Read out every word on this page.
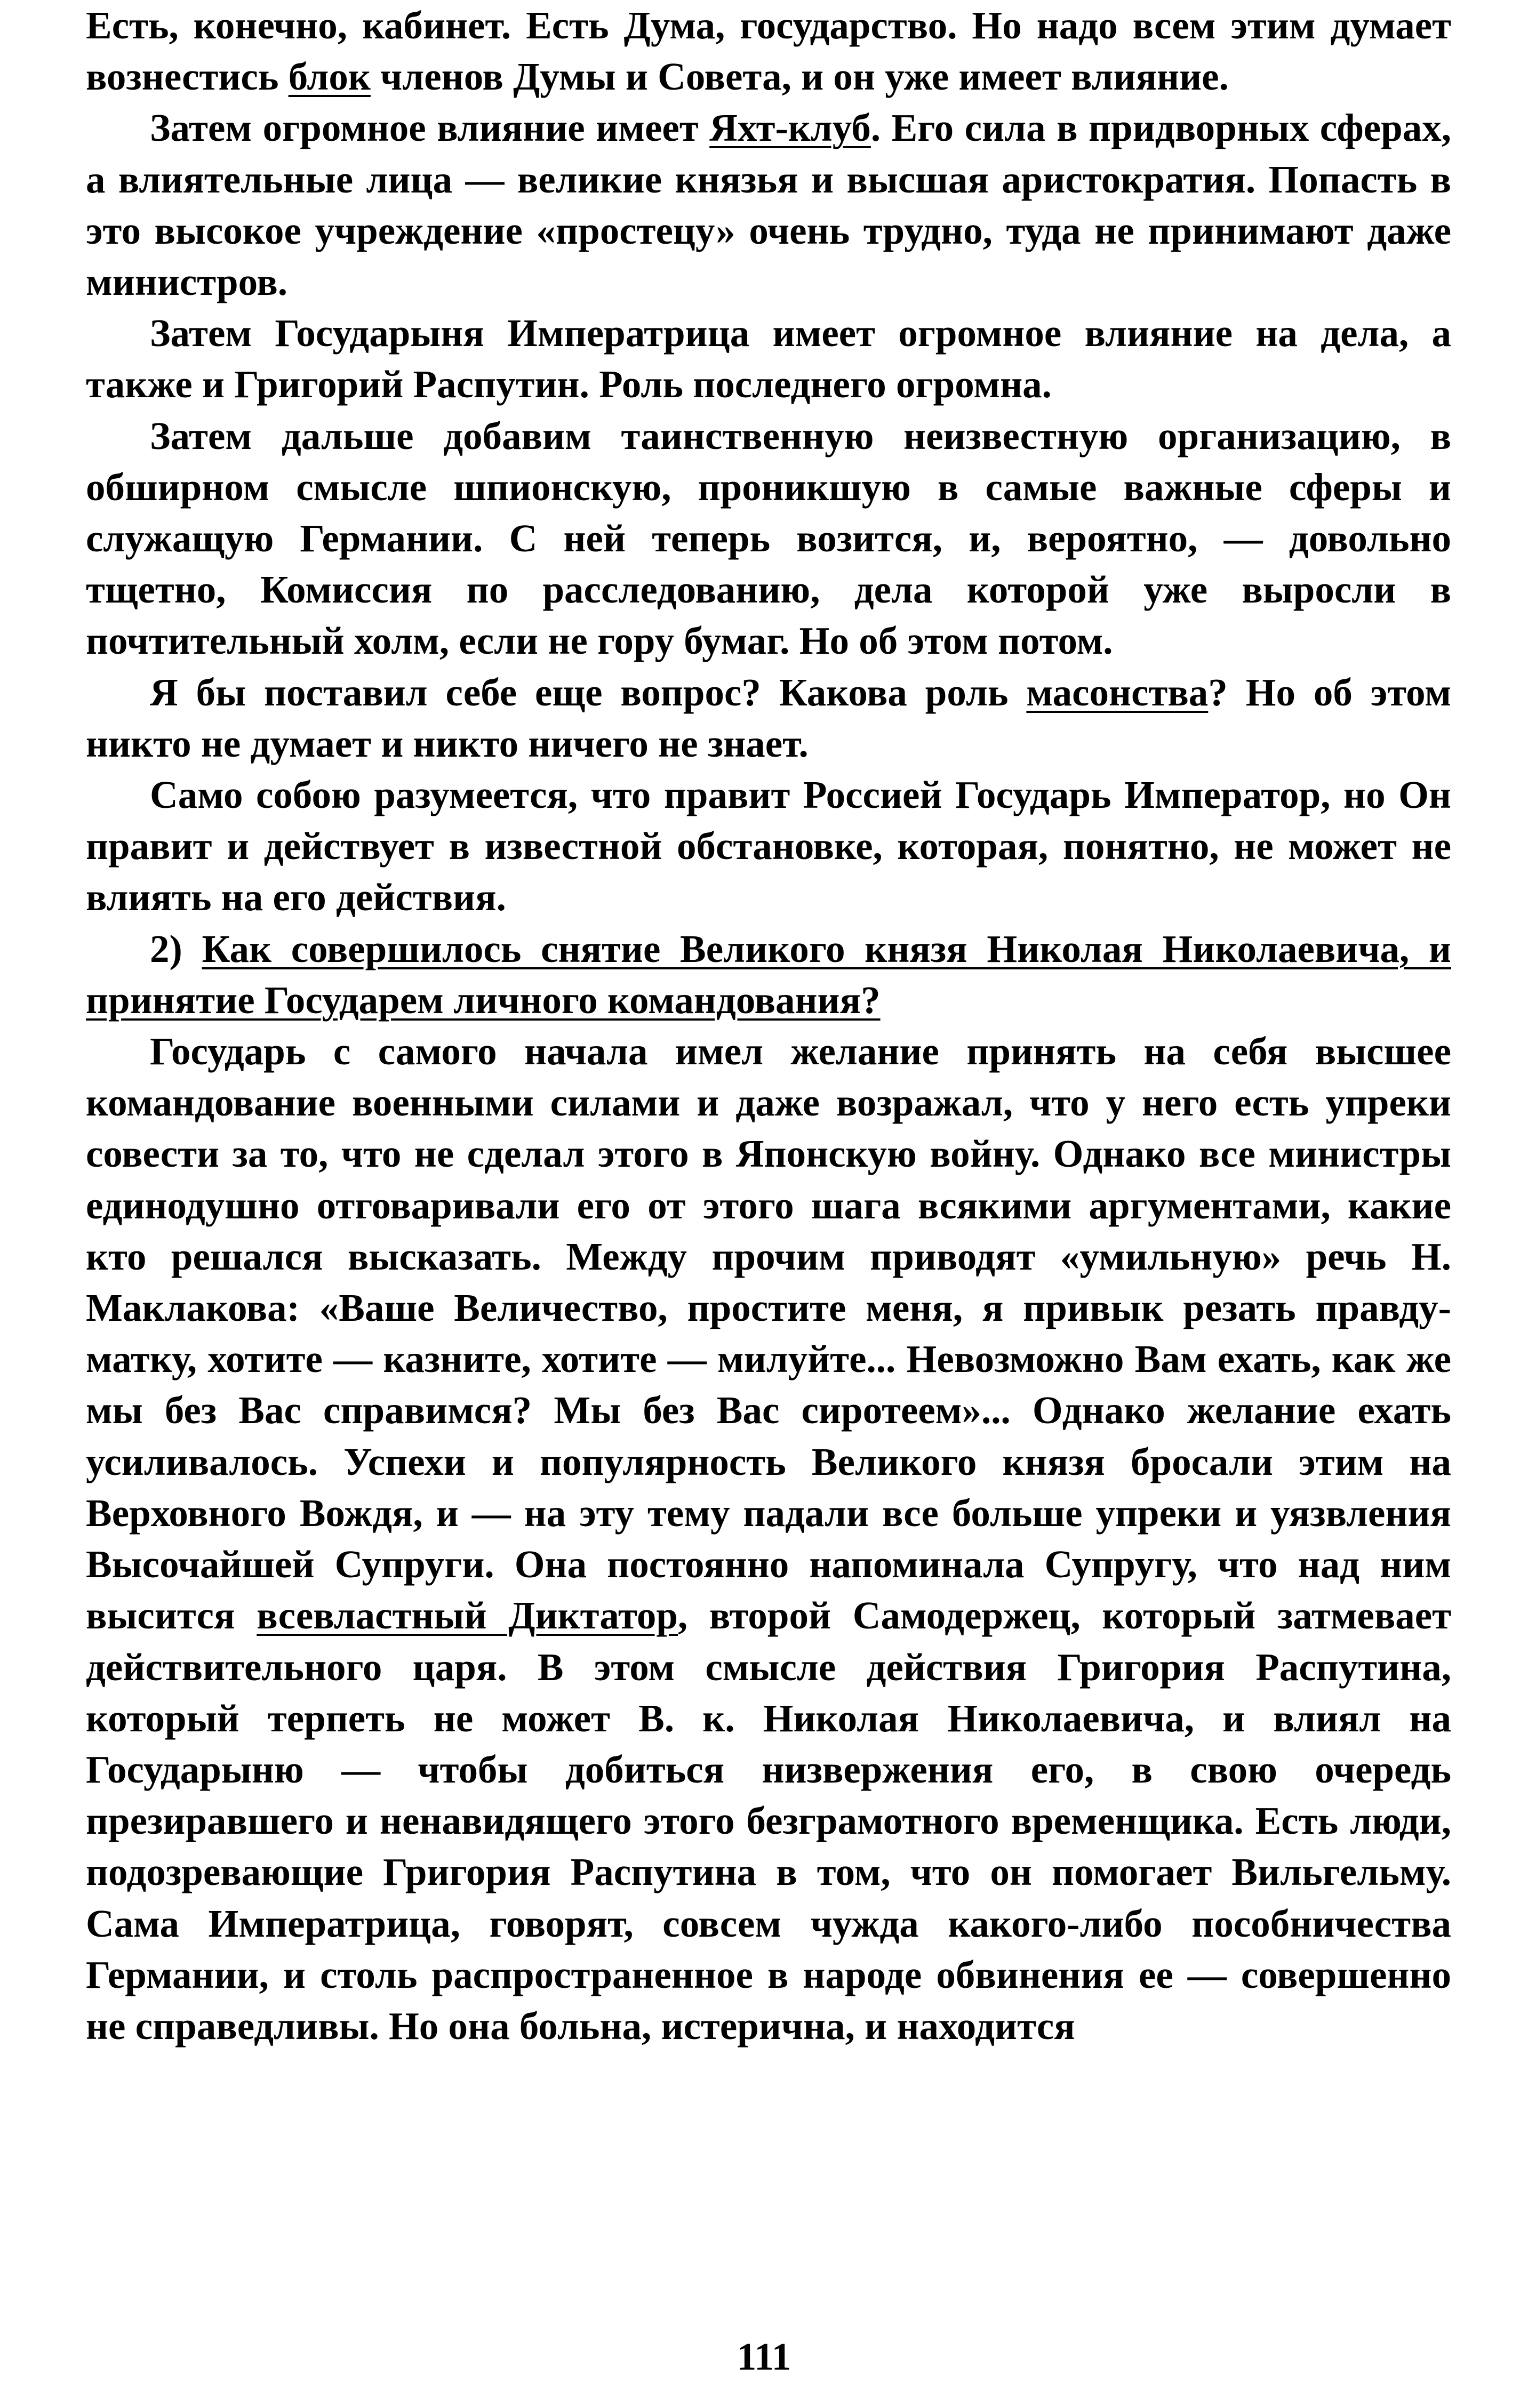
Есть, конечно, кабинет. Есть Дума, государство. Но надо всем этим думает вознестись блок членов Думы и Совета, и он уже имеет влияние.

Затем огромное влияние имеет Яхт-клуб. Его сила в придворных сферах, а влиятельные лица — великие князья и высшая аристократия. Попасть в это высокое учреждение «простецу» очень трудно, туда не принимают даже министров.

Затем Государыня Императрица имеет огромное влияние на дела, а также и Григорий Распутин. Роль последнего огромна.

Затем дальше добавим таинственную неизвестную организацию, в обширном смысле шпионскую, проникшую в самые важные сферы и служащую Германии. С ней теперь возится, и, вероятно, — довольно тщетно, Комиссия по расследованию, дела которой уже выросли в почтительный холм, если не гору бумаг. Но об этом потом.

Я бы поставил себе еще вопрос? Какова роль масонства? Но об этом никто не думает и никто ничего не знает.

Само собою разумеется, что правит Россией Государь Император, но Он правит и действует в известной обстановке, которая, понятно, не может не влиять на его действия.

2) Как совершилось снятие Великого князя Николая Николаевича, и принятие Государем личного командования?

Государь с самого начала имел желание принять на себя высшее командование военными силами и даже возражал, что у него есть упреки совести за то, что не сделал этого в Японскую войну. Однако все министры единодушно отговаривали его от этого шага всякими аргументами, какие кто решался высказать. Между прочим приводят «умильную» речь Н. Маклакова: «Ваше Величество, простите меня, я привык резать правду-матку, хотите — казните, хотите — милуйте... Невозможно Вам ехать, как же мы без Вас справимся? Мы без Вас сиротеем»... Однако желание ехать усиливалось. Успехи и популярность Великого князя бросали этим на Верховного Вождя, и — на эту тему падали все больше упреки и уязвления Высочайшей Супруги. Она постоянно напоминала Супругу, что над ним высится всевластный Диктатор, второй Самодержец, который затмевает действительного царя. В этом смысле действия Григория Распутина, который терпеть не может В. к. Николая Николаевича, и влиял на Государыню — чтобы добиться низвержения его, в свою очередь презиравшего и ненавидящего этого безграмотного временщика. Есть люди, подозревающие Григория Распутина в том, что он помогает Вильгельму. Сама Императрица, говорят, совсем чужда какого-либо пособничества Германии, и столь распространенное в народе обвинения ее — совершенно не справедливы. Но она больна, истерична, и находится

111
